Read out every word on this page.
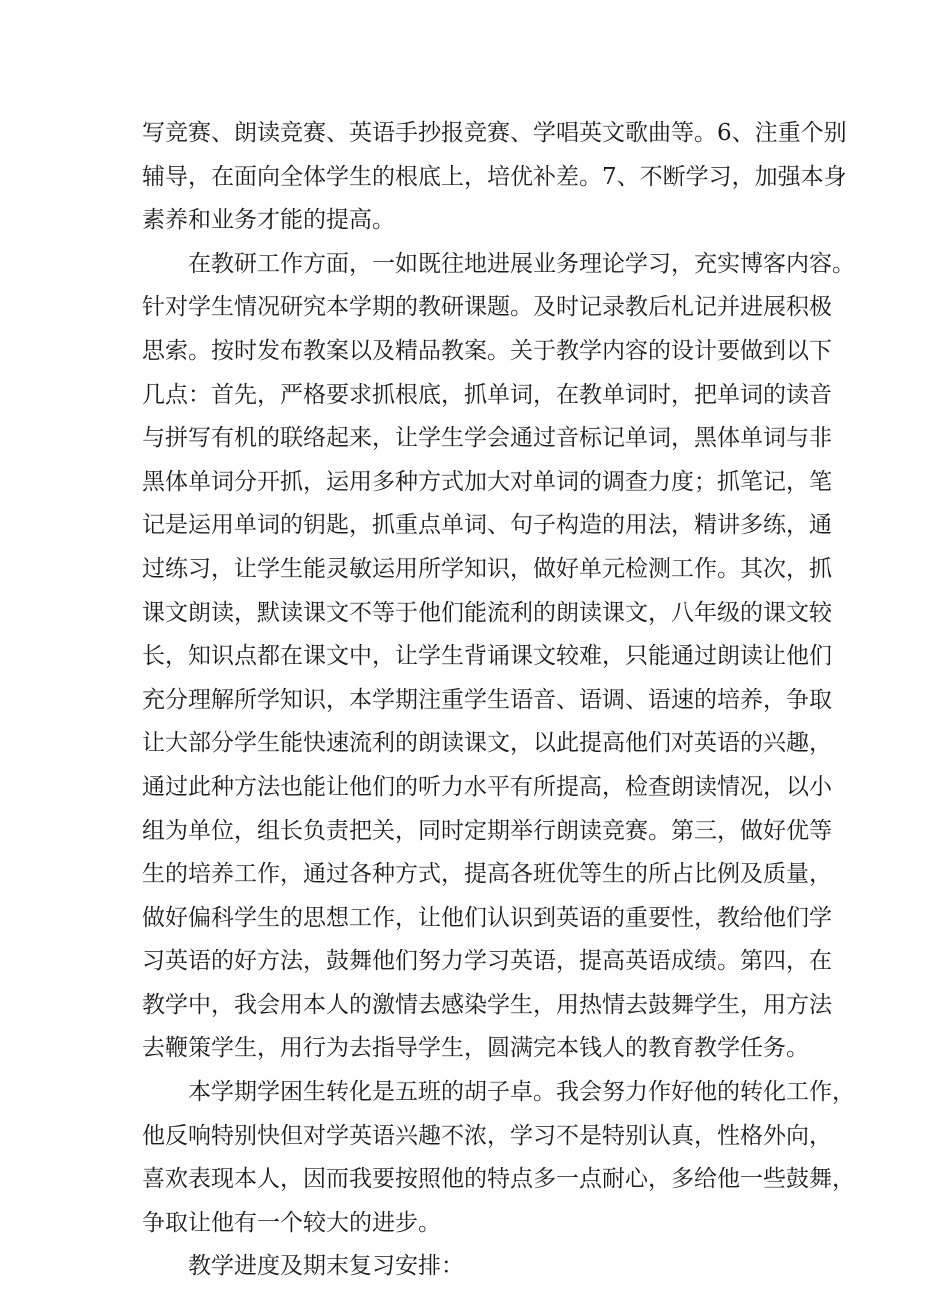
写竞赛、朗读竞赛、英语手抄报竞赛、学唱英文歌曲等。6、注重个别
辅导，在面向全体学生的根底上，培优补差。7、不断学习，加强本身
素养和业务才能的提高。
在教研工作方面，一如既往地进展业务理论学习，充实博客内容。
针对学生情况研究本学期的教研课题。及时记录教后札记并进展积极
思索。按时发布教案以及精品教案。关于教学内容的设计要做到以下
几点：首先，严格要求抓根底，抓单词，在教单词时，把单词的读音
与拼写有机的联络起来，让学生学会通过音标记单词，黑体单词与非
黑体单词分开抓，运用多种方式加大对单词的调查力度；抓笔记，笔
记是运用单词的钥匙，抓重点单词、句子构造的用法，精讲多练，通
过练习，让学生能灵敏运用所学知识，做好单元检测工作。其次，抓
课文朗读，默读课文不等于他们能流利的朗读课文，八年级的课文较
长，知识点都在课文中，让学生背诵课文较难，只能通过朗读让他们
充分理解所学知识，本学期注重学生语音、语调、语速的培养，争取
让大部分学生能快速流利的朗读课文，以此提高他们对英语的兴趣，
通过此种方法也能让他们的听力水平有所提高，检查朗读情况，以小
组为单位，组长负责把关，同时定期举行朗读竞赛。第三，做好优等
生的培养工作，通过各种方式，提高各班优等生的所占比例及质量，
做好偏科学生的思想工作，让他们认识到英语的重要性，教给他们学
习英语的好方法，鼓舞他们努力学习英语，提高英语成绩。第四，在
教学中，我会用本人的激情去感染学生，用热情去鼓舞学生，用方法
去鞭策学生，用行为去指导学生，圆满完本钱人的教育教学任务。
本学期学困生转化是五班的胡子卓。我会努力作好他的转化工作，
他反响特别快但对学英语兴趣不浓，学习不是特别认真，性格外向，
喜欢表现本人，因而我要按照他的特点多一点耐心，多给他一些鼓舞，
争取让他有一个较大的进步。
教学进度及期末复习安排：
